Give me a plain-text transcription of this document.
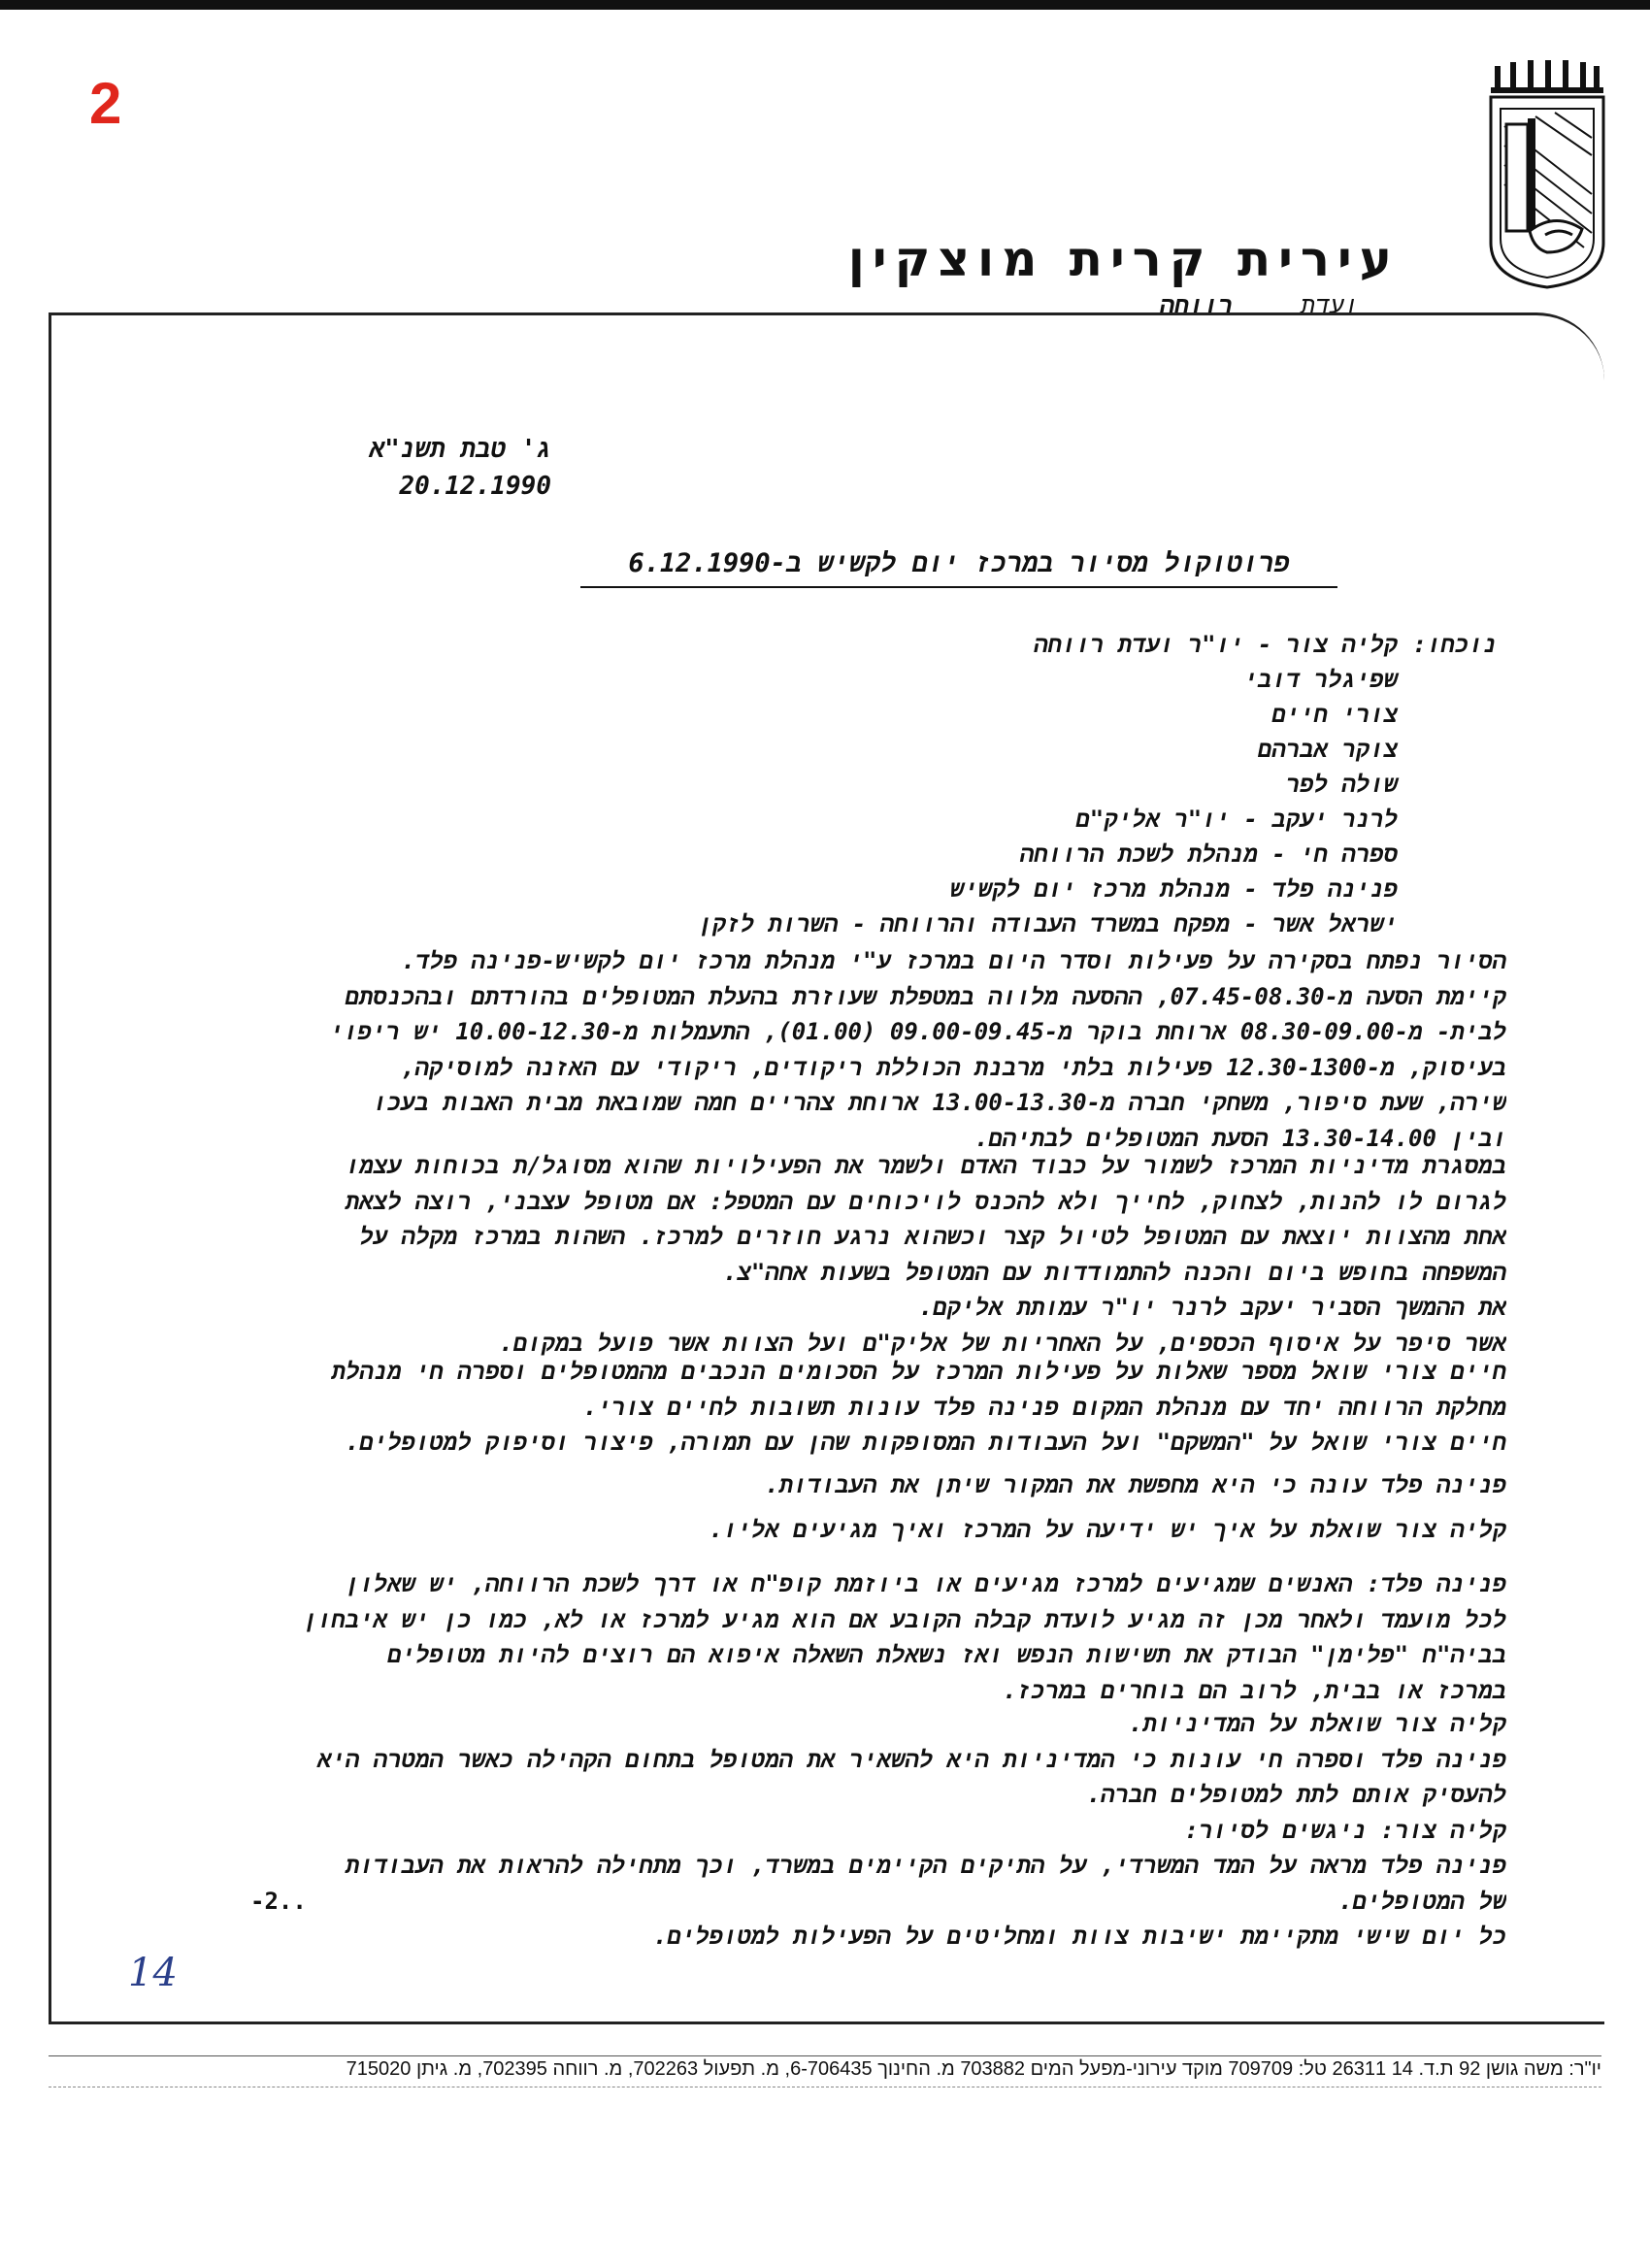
2
עירית קרית מוצקין
ועדתרווחה
ג' טבת תשנ"א
20.12.1990
פרוטוקול מסיור במרכז יום לקשיש ב-6.12.1990
נוכחו:קליה צור - יו"ר ועדת רווחה
שפיגלר דובי
צורי חיים
צוקר אברהם
שולה לפר
לרנר יעקב - יו"ר אליק"ם
ספרה חי - מנהלת לשכת הרווחה
פנינה פלד - מנהלת מרכז יום לקשיש
ישראל אשר - מפקח במשרד העבודה והרווחה - השרות לזקן

הסיור נפתח בסקירה על פעילות וסדר היום במרכז ע"י מנהלת מרכז יום לקשיש-פנינה פלד.

קיימת הסעה מ-07.45-08.30, ההסעה מלווה במטפלת שעוזרת בהעלת המטופלים בהורדתם ובהכנסתם

לבית- מ-08.30-09.00 ארוחת בוקר מ-09.00-09.45 (01.00), התעמלות מ-10.00-12.30 יש ריפוי

בעיסוק, מ-12.30-1300 פעילות בלתי מרבנת הכוללת ריקודים, ריקודי עם האזנה למוסיקה,

שירה, שעת סיפור, משחקי חברה מ-13.00-13.30 ארוחת צהריים חמה שמובאת מבית האבות בעכו

ובין 13.30-14.00 הסעת המטופלים לבתיהם.

במסגרת מדיניות המרכז לשמור על כבוד האדם ולשמר את הפעילויות שהוא מסוגל/ת בכוחות עצמו

לגרום לו להנות, לצחוק, לחייך ולא להכנס לויכוחים עם המטפל: אם מטופל עצבני, רוצה לצאת

אחת מהצוות יוצאת עם המטופל לטיול קצר וכשהוא נרגע חוזרים למרכז. השהות במרכז מקלה על

המשפחה בחופש ביום והכנה להתמודדות עם המטופל בשעות אחה"צ.

את ההמשך הסביר יעקב לרנר יו"ר עמותת אליקם.

אשר סיפר על איסוף הכספים, על האחריות של אליק"ם ועל הצוות אשר פועל במקום.

חיים צורי שואל מספר שאלות על פעילות המרכז על הסכומים הנכבים מהמטופלים וספרה חי מנהלת

מחלקת הרווחה יחד עם מנהלת המקום פנינה פלד עונות תשובות לחיים צורי.

חיים צורי שואל על "המשקם" ועל העבודות המסופקות שהן עם תמורה, פיצור וסיפוק למטופלים.

פנינה פלד עונה כי היא מחפשת את המקור שיתן את העבודות.

קליה צור שואלת על איך יש ידיעה על המרכז ואיך מגיעים אליו.

פנינה פלד: האנשים שמגיעים למרכז מגיעים או ביוזמת קופ"ח או דרך לשכת הרווחה, יש שאלון

לכל מועמד ולאחר מכן זה מגיע לועדת קבלה הקובע אם הוא מגיע למרכז או לא, כמו כן יש איבחון

בביה"ח "פלימן" הבודק את תשישות הנפש ואז נשאלת השאלה איפוא הם רוצים להיות מטופלים

במרכז או בבית, לרוב הם בוחרים במרכז.

קליה צור שואלת על המדיניות.

פנינה פלד וספרה חי עונות כי המדיניות היא להשאיר את המטופל בתחום הקהילה כאשר המטרה היא

להעסיק אותם לתת למטופלים חברה.

קליה צור: ניגשים לסיור:

פנינה פלד מראה על המד המשרדי, על התיקים הקיימים במשרד, וכך מתחילה להראות את העבודות

של המטופלים.

כל יום שישי מתקיימת ישיבות צוות ומחליטים על הפעילות למטופלים.

-2..
14
יו"ר: משה גושן 92 ת.ד. 14 26311 טל: 709709 מוקד עירוני-מפעל המים 703882 מ. החינוך 6-706435, מ. תפעול 702263, מ. רווחה 702395, מ. גיתן 715020
